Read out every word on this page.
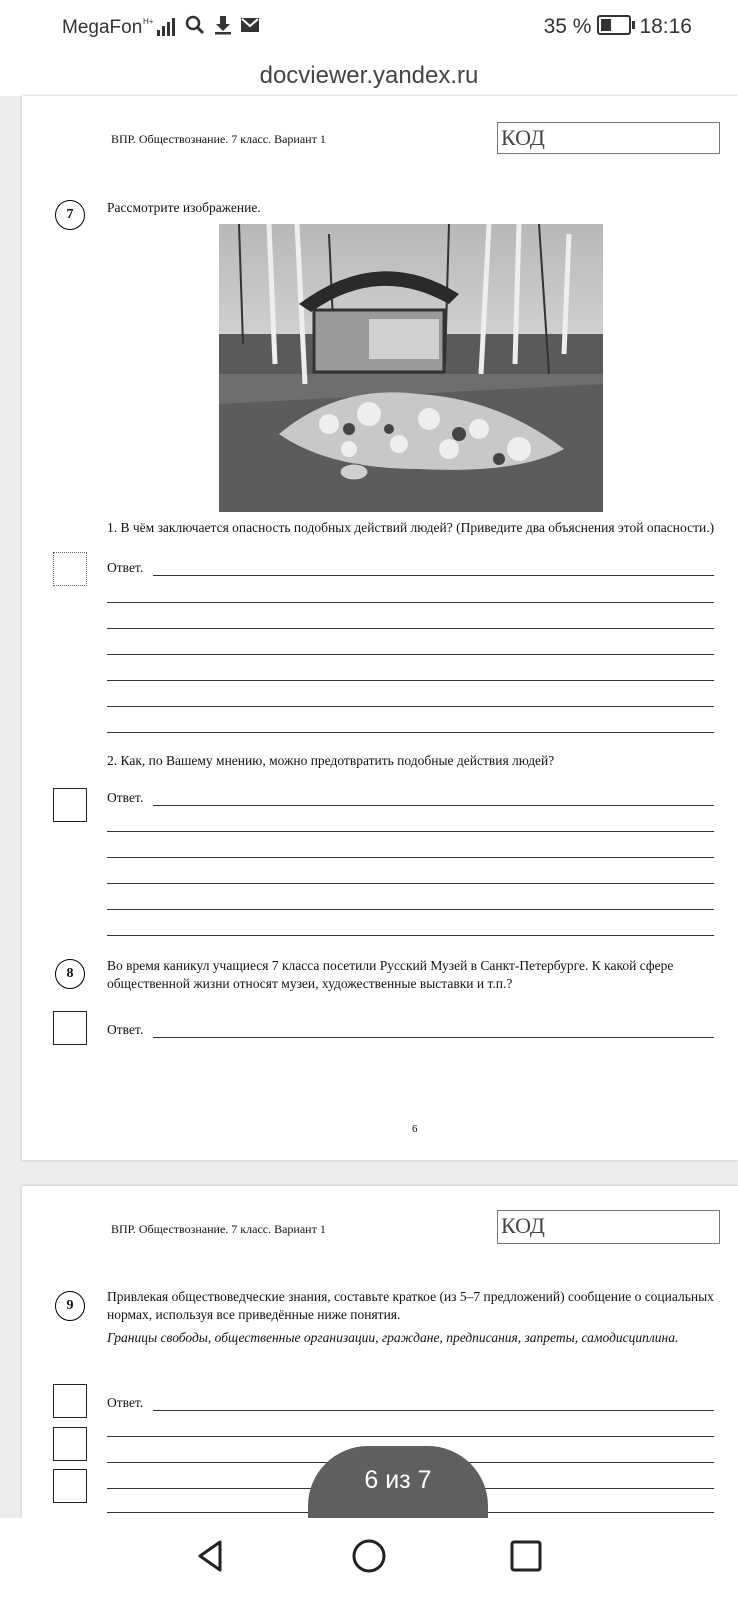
MegaFon H+
	35 % 18:16
docviewer.yandex.ru
ВПР. Обществознание. 7 класс. Вариант 1	КОД
7	Рассмотрите изображение.
1. В чём заключается опасность подобных действий людей? (Приведите два объяснения этой опасности.)
Ответ.
2. Как, по Вашему мнению, можно предотвратить подобные действия людей?
Ответ.
8
Во время каникул учащиеся 7 класса посетили Русский Музей в Санкт-Петербурге. К какой сфере общественной жизни относят музеи, художественные выставки и т.п.?
Ответ.
6
ВПР. Обществознание. 7 класс. Вариант 1	КОД
9
Привлекая обществоведческие знания, составьте краткое (из 5–7 предложений) сообщение о социальных нормах, используя все приведённые ниже понятия.
Границы свободы, общественные организации, граждане, предписания, запреты, самодисциплина.
Ответ.
6 из 7
